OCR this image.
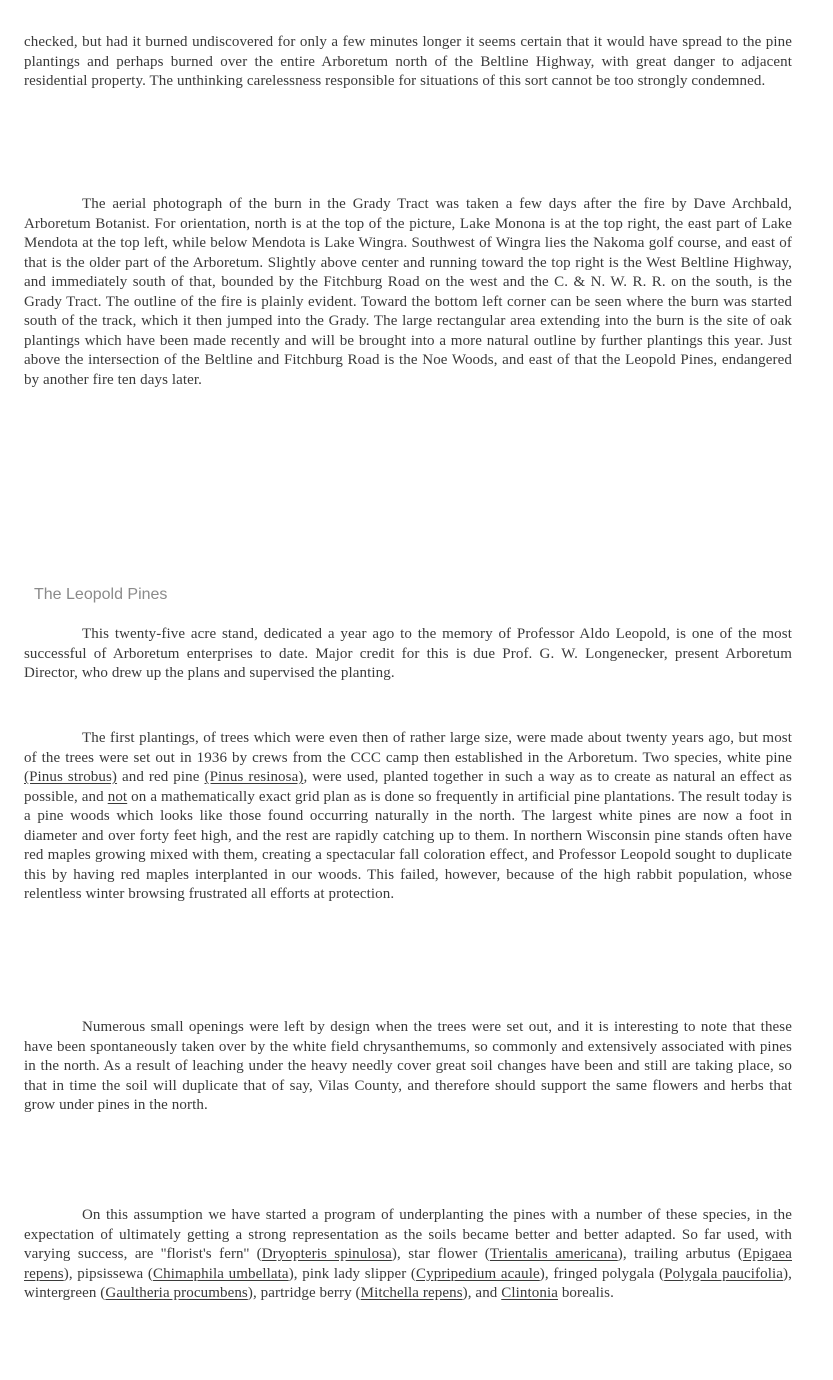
checked, but had it burned undiscovered for only a few minutes longer it seems certain that it would have spread to the pine plantings and perhaps burned over the entire Arboretum north of the Beltline Highway, with great danger to adjacent residential property. The unthinking carelessness responsible for situations of this sort cannot be too strongly condemned.

The aerial photograph of the burn in the Grady Tract was taken a few days after the fire by Dave Archbald, Arboretum Botanist. For orientation, north is at the top of the picture, Lake Monona is at the top right, the east part of Lake Mendota at the top left, while below Mendota is Lake Wingra. Southwest of Wingra lies the Nakoma golf course, and east of that is the older part of the Arboretum. Slightly above center and running toward the top right is the West Beltline Highway, and immediately south of that, bounded by the Fitchburg Road on the west and the C. & N. W. R. R. on the south, is the Grady Tract. The outline of the fire is plainly evident. Toward the bottom left corner can be seen where the burn was started south of the track, which it then jumped into the Grady. The large rectangular area extending into the burn is the site of oak plantings which have been made recently and will be brought into a more natural outline by further plantings this year. Just above the intersection of the Beltline and Fitchburg Road is the Noe Woods, and east of that the Leopold Pines, endangered by another fire ten days later.

The Leopold Pines

This twenty-five acre stand, dedicated a year ago to the memory of Professor Aldo Leopold, is one of the most successful of Arboretum enterprises to date. Major credit for this is due Prof. G. W. Longenecker, present Arboretum Director, who drew up the plans and supervised the planting.

The first plantings, of trees which were even then of rather large size, were made about twenty years ago, but most of the trees were set out in 1936 by crews from the CCC camp then established in the Arboretum. Two species, white pine (Pinus strobus) and red pine (Pinus resinosa), were used, planted together in such a way as to create as natural an effect as possible, and not on a mathematically exact grid plan as is done so frequently in artificial pine plantations. The result today is a pine woods which looks like those found occurring naturally in the north. The largest white pines are now a foot in diameter and over forty feet high, and the rest are rapidly catching up to them. In northern Wisconsin pine stands often have red maples growing mixed with them, creating a spectacular fall coloration effect, and Professor Leopold sought to duplicate this by having red maples interplanted in our woods. This failed, however, because of the high rabbit population, whose relentless winter browsing frustrated all efforts at protection.

Numerous small openings were left by design when the trees were set out, and it is interesting to note that these have been spontaneously taken over by the white field chrysanthemums, so commonly and extensively associated with pines in the north. As a result of leaching under the heavy needly cover great soil changes have been and still are taking place, so that in time the soil will duplicate that of say, Vilas County, and therefore should support the same flowers and herbs that grow under pines in the north.

On this assumption we have started a program of underplanting the pines with a number of these species, in the expectation of ultimately getting a strong representation as the soils became better and better adapted. So far used, with varying success, are ''florist's fern'' (Dryopteris spinulosa), star flower (Trientalis americana), trailing arbutus (Epigaea repens), pipsissewa (Chimaphila umbellata), pink lady slipper (Cypripedium acaule), fringed polygala (Polygala paucifolia), wintergreen (Gaultheria procumbens), partridge berry (Mitchella repens), and Clintonia borealis.
